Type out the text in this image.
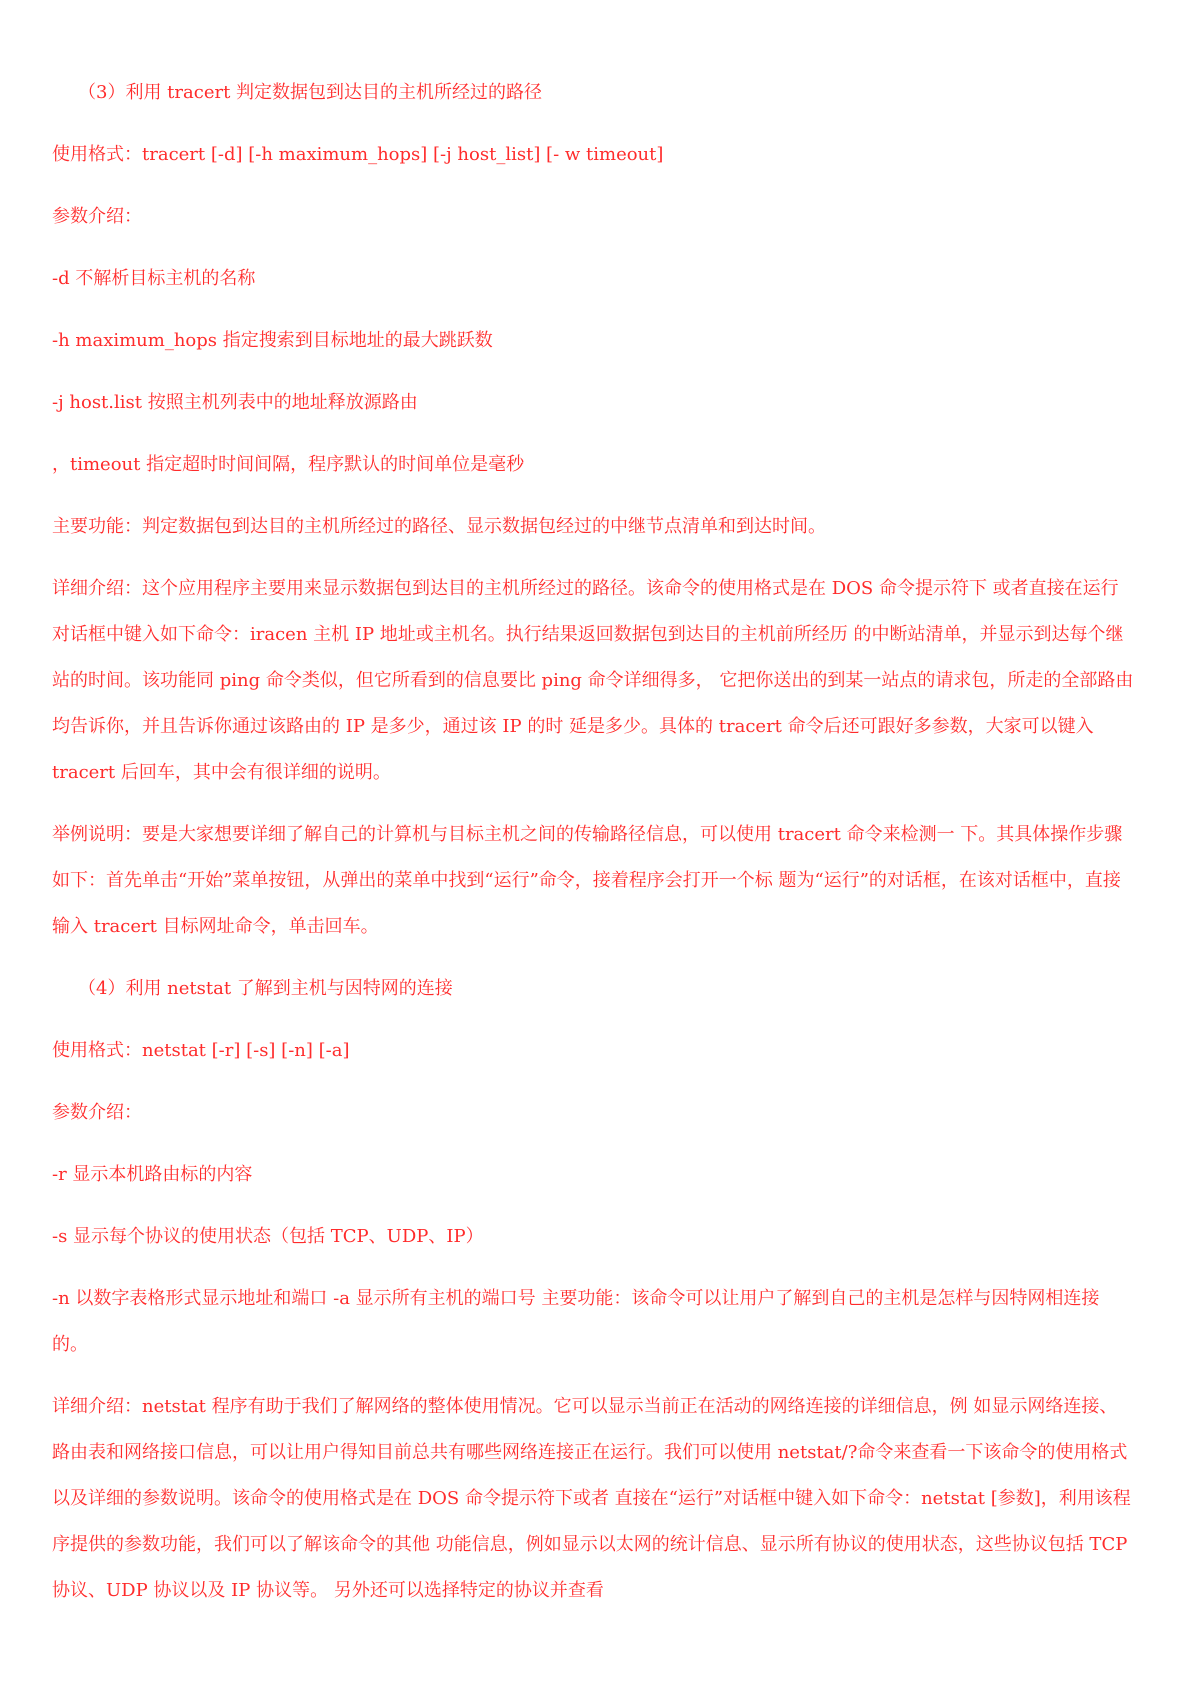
（3）利用 tracert 判定数据包到达目的主机所经过的路径

使用格式：tracert [-d] [-h maximum_hops] [-j host_list] [- w timeout]

参数介绍：

-d 不解析目标主机的名称

-h maximum_hops 指定搜索到目标地址的最大跳跃数

-j host.list 按照主机列表中的地址释放源路由

，timeout 指定超时时间间隔，程序默认的时间单位是毫秒

主要功能：判定数据包到达目的主机所经过的路径、显示数据包经过的中继节点清单和到达时间。

详细介绍：这个应用程序主要用来显示数据包到达目的主机所经过的路径。该命令的使用格式是在 DOS 命令提示符下 或者直接在运行对话框中键入如下命令：iracen 主机 IP 地址或主机名。执行结果返回数据包到达目的主机前所经历 的中断站清单，并显示到达每个继站的时间。该功能同 ping 命令类似，但它所看到的信息要比 ping 命令详细得多， 它把你送出的到某一站点的请求包，所走的全部路由均告诉你，并且告诉你通过该路由的 IP 是多少，通过该 IP 的时 延是多少。具体的 tracert 命令后还可跟好多参数，大家可以键入 tracert 后回车，其中会有很详细的说明。

举例说明：要是大家想要详细了解自己的计算机与目标主机之间的传输路径信息，可以使用 tracert 命令来检测一 下。其具体操作步骤如下：首先单击“开始”菜单按钮，从弹出的菜单中找到“运行”命令，接着程序会打开一个标 题为“运行”的对话框，在该对话框中，直接输入 tracert 目标网址命令，单击回车。

（4）利用 netstat 了解到主机与因特网的连接

使用格式：netstat [-r] [-s] [-n] [-a]

参数介绍：

-r 显示本机路由标的内容

-s 显示每个协议的使用状态（包括 TCP、UDP、IP）

-n 以数字表格形式显示地址和端口 -a 显示所有主机的端口号 主要功能：该命令可以让用户了解到自己的主机是怎样与因特网相连接的。

详细介绍：netstat 程序有助于我们了解网络的整体使用情况。它可以显示当前正在活动的网络连接的详细信息，例 如显示网络连接、路由表和网络接口信息，可以让用户得知目前总共有哪些网络连接正在运行。我们可以使用 netstat/?命令来查看一下该命令的使用格式以及详细的参数说明。该命令的使用格式是在 DOS 命令提示符下或者 直接在“运行”对话框中键入如下命令：netstat [参数]，利用该程序提供的参数功能，我们可以了解该命令的其他 功能信息，例如显示以太网的统计信息、显示所有协议的使用状态，这些协议包括 TCP 协议、UDP 协议以及 IP 协议等。 另外还可以选择特定的协议并查看
